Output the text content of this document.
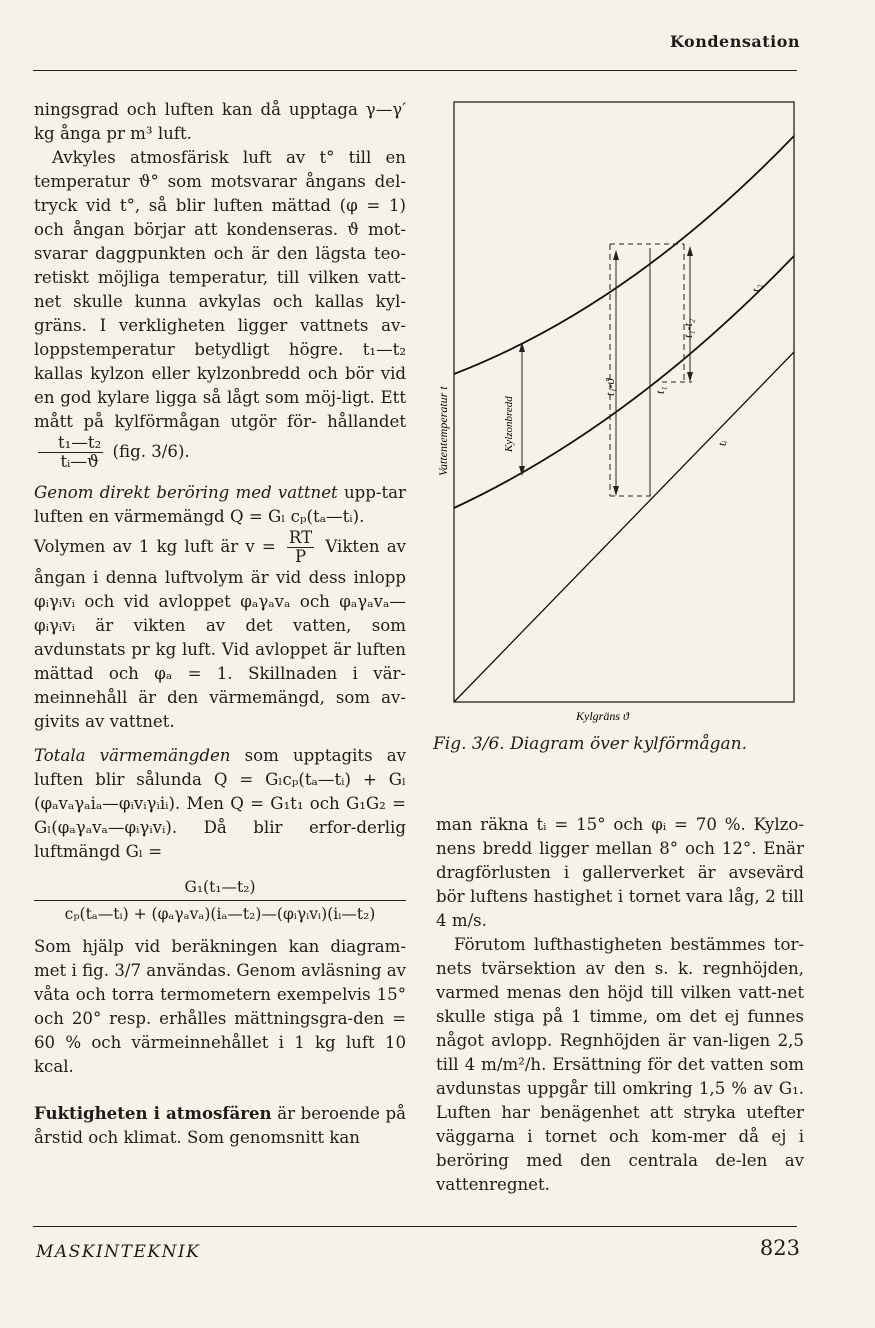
Kondensation

ningsgrad och luften kan då upptaga γ—γ′ kg ånga pr m³ luft.

Avkyles atmosfärisk luft av t° till en temperatur ϑ° som motsvarar ångans del-tryck vid t°, så blir luften mättad (φ = 1) och ångan börjar att kondenseras. ϑ mot-svarar daggpunkten och är den lägsta teo-retiskt möjliga temperatur, till vilken vatt-net skulle kunna avkylas och kallas kyl-gräns. I verkligheten ligger vattnets av-loppstemperatur betydligt högre. t₁—t₂ kallas kylzon eller kylzonbredd och bör vid en god kylare ligga så lågt som möj-ligt. Ett mått på kylförmågan utgör för- hållandet
$\frac{\text{t₁—t₂}}{\text{tᵢ—ϑ}} (fig$. 3/6).

Genom direkt beröring med vattnet upp-tar luften en värmemängd Q = Gₗ cₚ(tₐ—tᵢ).

Volymen av 1 kg luft är $v = \frac{RT}{P}$ Vikten av ångan i denna luftvolym är vid dess inlopp φᵢγᵢvᵢ och vid avloppet φₐγₐvₐ och φₐγₐvₐ—φᵢγᵢvᵢ är vikten av det vatten, som avdunstats pr kg luft. Vid avloppet är luften mättad och φₐ = 1. Skillnaden i vär-meinnehåll är den värmemängd, som av-givits av vattnet.

Totala värmemängden som upptagits av luften blir sålunda Q = Gₗcₚ(tₐ—tᵢ) + Gₗ (φₐvₐγₐiₐ—φᵢvᵢγᵢiᵢ). Men Q = G₁t₁ och G₁G₂ = Gₗ(φₐγₐvₐ—φᵢγᵢvᵢ). Då blir erfor-derlig luftmängd Gₗ =

G₁(t₁—t₂)
cₚ(tₐ—tᵢ) + (φₐγₐvₐ)(iₐ—t₂)—(φᵢγᵢvᵢ)(iᵢ—t₂)

Som hjälp vid beräkningen kan diagram-met i fig. 3/7 användas. Genom avläsning av våta och torra termometern exempelvis 15° och 20° resp. erhålles mättningsgra-den = 60 % och värmeinnehållet i 1 kg luft 10 kcal.

Fuktigheten i atmosfären är beroende på årstid och klimat. Som genomsnitt kan

Vattentemperatur t	Kylzonbredd
t₁-ϑ
t₁-t₂
t₁
t₂
tᵢ
Kylgräns ϑ
Fig. 3/6. Diagram över kylförmågan.

man räkna tᵢ = 15° och φᵢ = 70 %. Kylzo-nens bredd ligger mellan 8° och 12°. Enär dragförlusten i gallerverket är avsevärd bör luftens hastighet i tornet vara låg, 2 till 4 m/s.

Förutom lufthastigheten bestämmes tor-nets tvärsektion av den s. k. regnhöjden, varmed menas den höjd till vilken vatt-net skulle stiga på 1 timme, om det ej funnes något avlopp. Regnhöjden är van-ligen 2,5 till 4 m/m²/h. Ersättning för det vatten som avdunstas uppgår till omkring 1,5 % av G₁. Luften har benägenhet att stryka utefter väggarna i tornet och kom-mer då ej i beröring med den centrala de-len av vattenregnet.

MASKINTEKNIK	823
